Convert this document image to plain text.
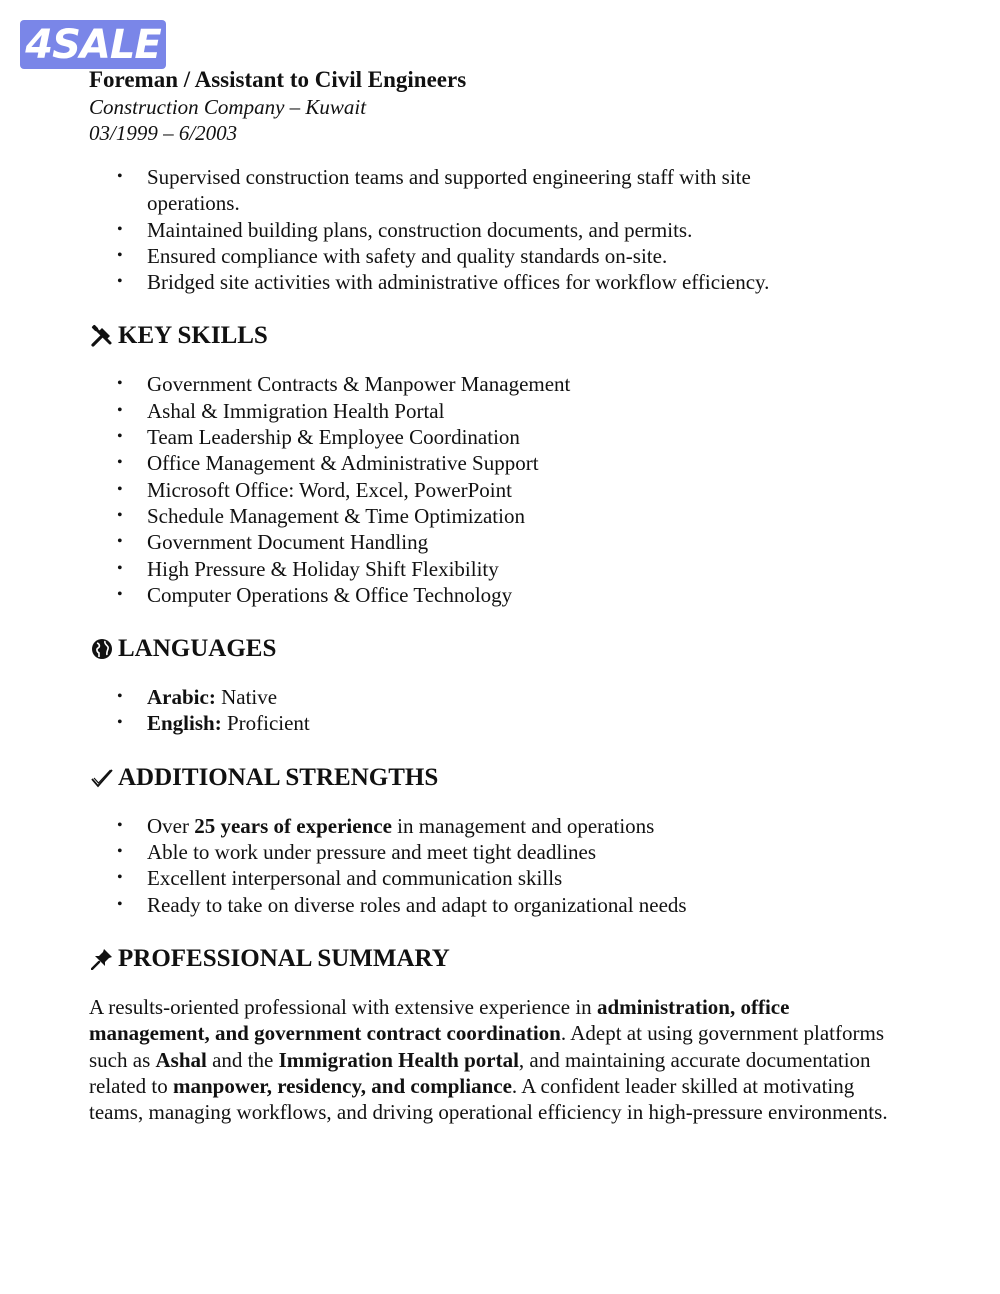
4SALE

Foreman / Assistant to Civil Engineers

Construction Company – Kuwait

03/1999 – 6/2003

• Supervised construction teams and supported engineering staff with site operations.
• Maintained building plans, construction documents, and permits.
• Ensured compliance with safety and quality standards on-site.
• Bridged site activities with administrative offices for workflow efficiency.
KEY SKILLS
• Government Contracts & Manpower Management
• Ashal & Immigration Health Portal
• Team Leadership & Employee Coordination
• Office Management & Administrative Support
• Microsoft Office: Word, Excel, PowerPoint
• Schedule Management & Time Optimization
• Government Document Handling
• High Pressure & Holiday Shift Flexibility
• Computer Operations & Office Technology
LANGUAGES
• Arabic: Native
• English: Proficient
ADDITIONAL STRENGTHS
• Over 25 years of experience in management and operations
• Able to work under pressure and meet tight deadlines
• Excellent interpersonal and communication skills
• Ready to take on diverse roles and adapt to organizational needs
PROFESSIONAL SUMMARY

A results-oriented professional with extensive experience in administration, office management, and government contract coordination. Adept at using government platforms such as Ashal and the Immigration Health portal, and maintaining accurate documentation related to manpower, residency, and compliance. A confident leader skilled at motivating teams, managing workflows, and driving operational efficiency in high-pressure environments.
